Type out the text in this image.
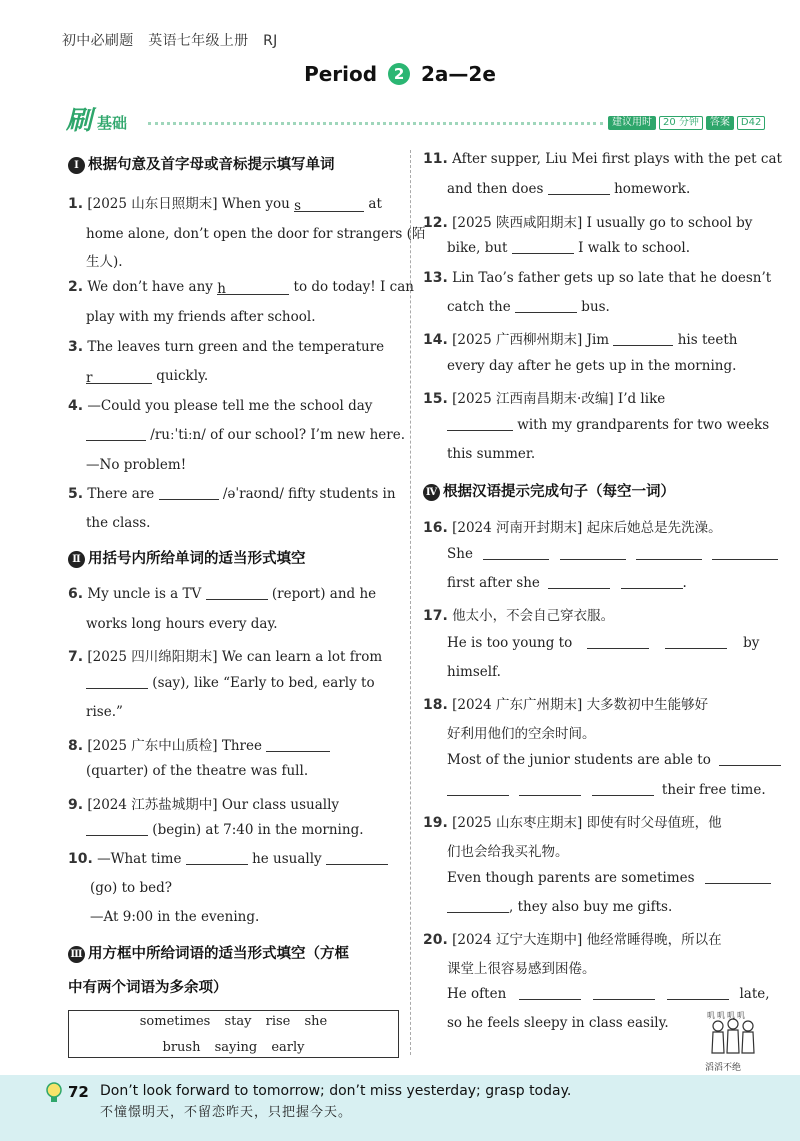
初中必刷题 英语七年级上册 RJ
Period 2 2a—2e
刷 基础	建议用时	20 分钟	答案	D42
Ⅰ 根据句意及首字母或音标提示填写单词
1. [2025 山东日照期末] When you s	at
home alone, don’t open the door for strangers (陌
生人).
2. We don’t have any h	to do today! I can
play with my friends after school.
3. The leaves turn green and the temperature
r	quickly.
4. —Could you please tell me the school day
/ruːˈtiːn/ of our school? I’m new here.
—No problem!
5. There are	/əˈraʊnd/ fifty students in
the class.
Ⅱ 用括号内所给单词的适当形式填空
6. My uncle is a TV	(report) and he
works long hours every day.
7. [2025 四川绵阳期末] We can learn a lot from
(say), like “Early to bed, early to
rise.”
8. [2025 广东中山质检] Three
(quarter) of the theatre was full.
9. [2024 江苏盐城期中] Our class usually
(begin) at 7:40 in the morning.
10. —What time	he usually
(go) to bed?
—At 9:00 in the evening.
Ⅲ 用方框中所给词语的适当形式填空（方框
中有两个词语为多余项）
sometimes stay rise she
brush saying early
11. After supper, Liu Mei first plays with the pet cat
and then does	homework.
12. [2025 陕西咸阳期末] I usually go to school by
bike, but	I walk to school.
13. Lin Tao’s father gets up so late that he doesn’t
catch the	bus.
14. [2025 广西柳州期末] Jim	his teeth
every day after he gets up in the morning.
15. [2025 江西南昌期末·改编] I’d like
with my grandparents for two weeks
this summer.
Ⅳ 根据汉语提示完成句子（每空一词）
16. [2024 河南开封期末] 起床后她总是先洗澡。
She
first after she	.
17. 他太小，不会自己穿衣服。
He is too young to	by
himself.
18. [2024 广东广州期末] 大多数初中生能够好
好利用他们的空余时间。
Most of the junior students are able to
their free time.
19. [2025 山东枣庄期末] 即使有时父母值班，他
们也会给我买礼物。
Even though parents are sometimes
, they also buy me gifts.
20. [2024 辽宁大连期中] 他经常睡得晚，所以在
课堂上很容易感到困倦。
He often	late,
so he feels sleepy in class easily.	叽叽叽叽
滔滔不绝
72 Don’t look forward to tomorrow; don’t miss yesterday; grasp today.
不憧憬明天，不留恋昨天，只把握今天。
